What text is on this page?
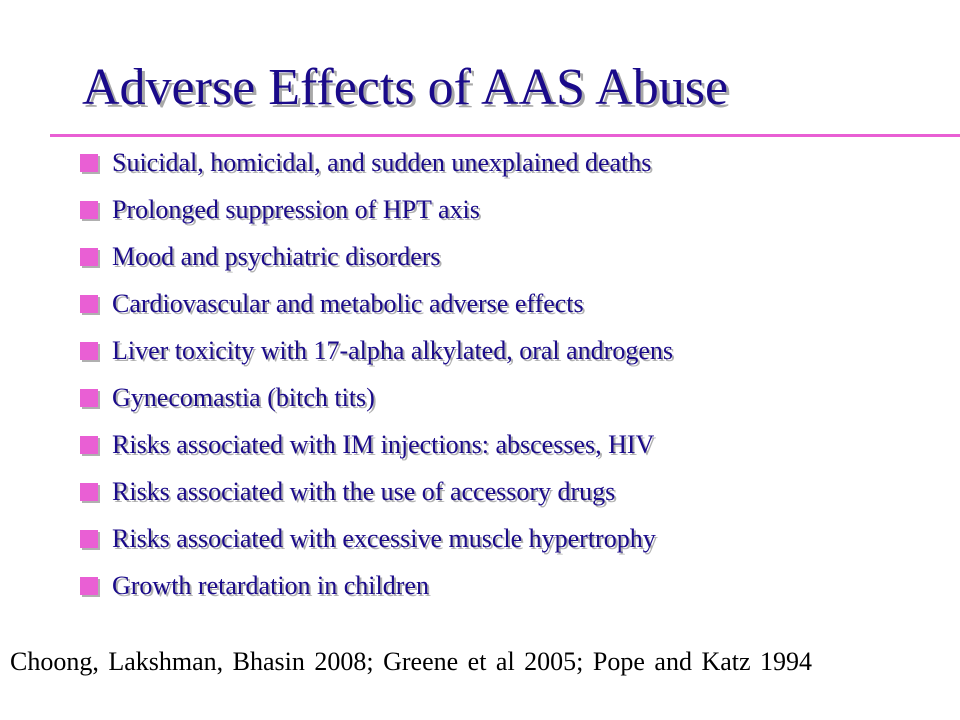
Adverse Effects of AAS Abuse
Suicidal, homicidal, and sudden unexplained deaths
Prolonged suppression of HPT axis
Mood and psychiatric disorders
Cardiovascular and metabolic adverse effects
Liver toxicity with 17-alpha alkylated, oral androgens
Gynecomastia (bitch tits)
Risks associated with IM injections: abscesses, HIV
Risks associated with the use of accessory drugs
Risks associated with excessive muscle hypertrophy
Growth retardation in children
Choong, Lakshman, Bhasin 2008; Greene et al 2005; Pope and Katz 1994
